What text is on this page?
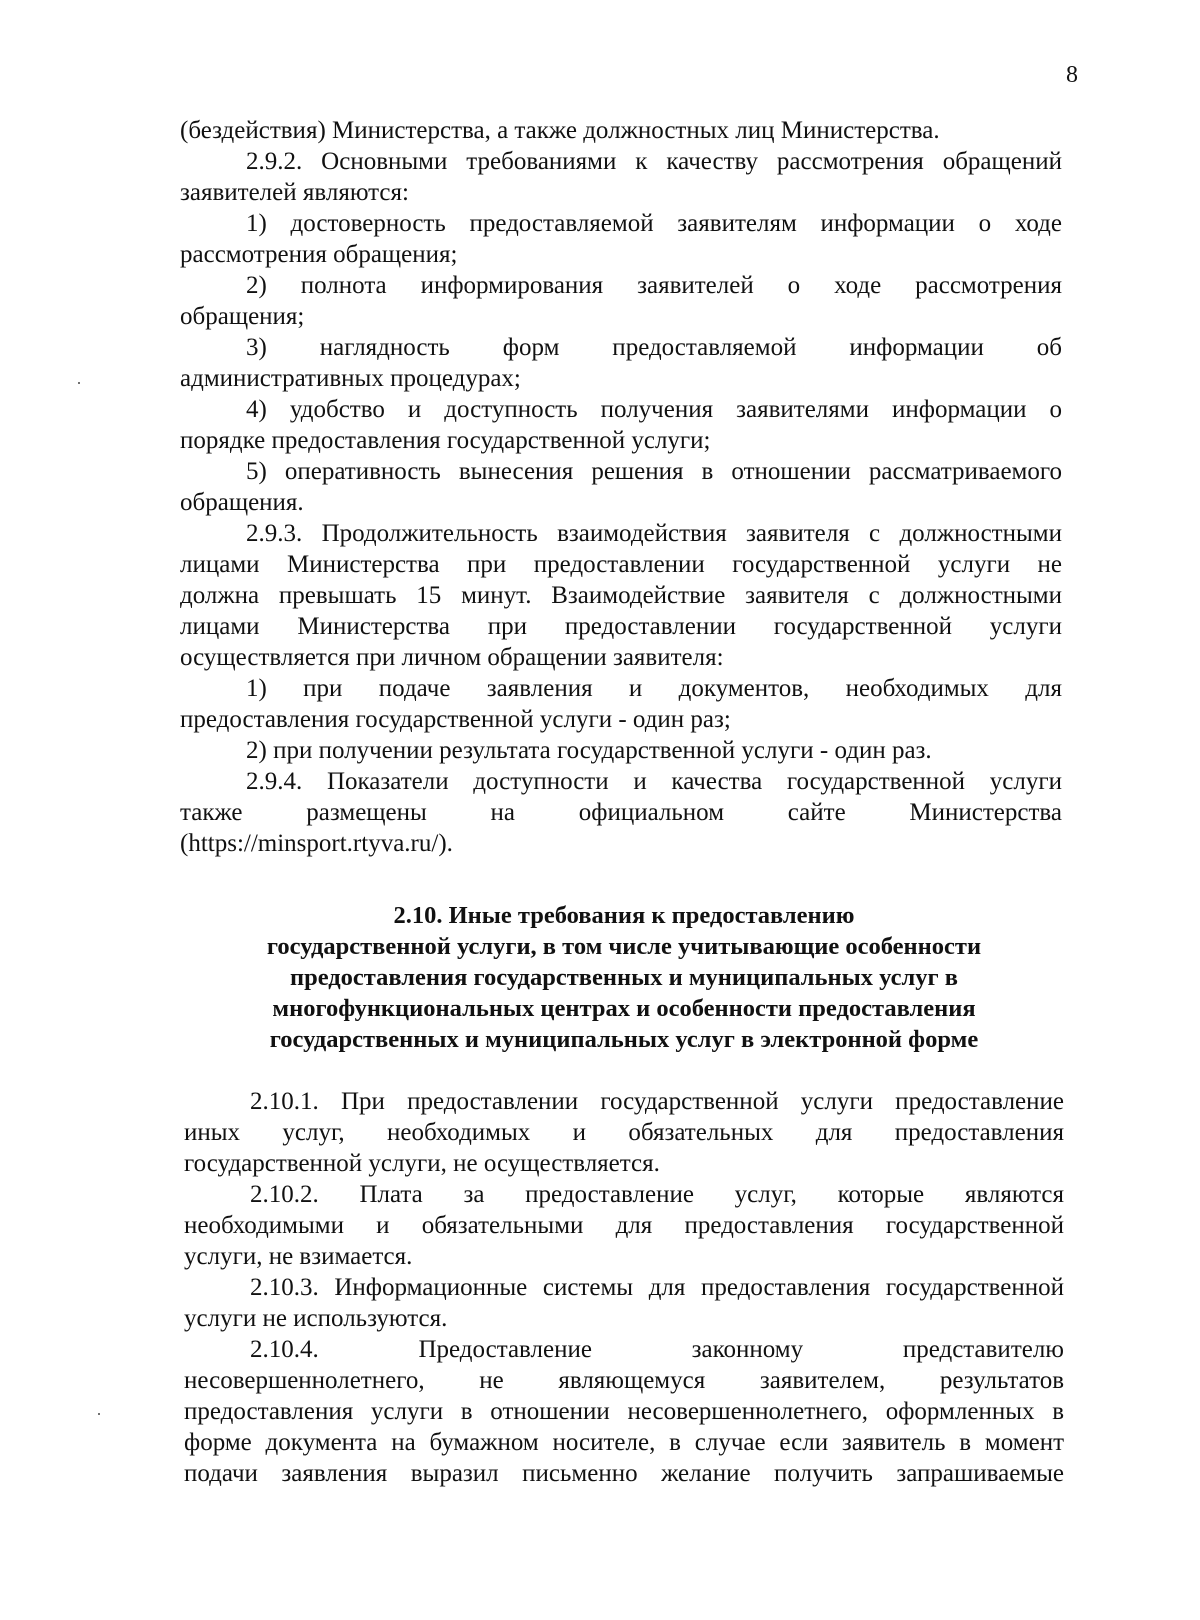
8
(бездействия) Министерства, а также должностных лиц Министерства.
2.9.2. Основными требованиями к качеству рассмотрения обращений
заявителей являются:
1) достоверность предоставляемой заявителям информации о ходе
рассмотрения обращения;
2) полнота информирования заявителей о ходе рассмотрения
обращения;
3) наглядность форм предоставляемой информации об
административных процедурах;
4) удобство и доступность получения заявителями информации о
порядке предоставления государственной услуги;
5) оперативность вынесения решения в отношении рассматриваемого
обращения.
2.9.3. Продолжительность взаимодействия заявителя с должностными
лицами Министерства при предоставлении государственной услуги не
должна превышать 15 минут. Взаимодействие заявителя с должностными
лицами Министерства при предоставлении государственной услуги
осуществляется при личном обращении заявителя:
1) при подаче заявления и документов, необходимых для
предоставления государственной услуги - один раз;
2) при получении результата государственной услуги - один раз.
2.9.4. Показатели доступности и качества государственной услуги
также размещены на официальном сайте Министерства
(https://minsport.rtyva.ru/).
2.10. Иные требования к предоставлению
государственной услуги, в том числе учитывающие особенности
предоставления государственных и муниципальных услуг в
многофункциональных центрах и особенности предоставления
государственных и муниципальных услуг в электронной форме
2.10.1. При предоставлении государственной услуги предоставление
иных услуг, необходимых и обязательных для предоставления
государственной услуги, не осуществляется.
2.10.2. Плата за предоставление услуг, которые являются
необходимыми и обязательными для предоставления государственной
услуги, не взимается.
2.10.3. Информационные системы для предоставления государственной
услуги не используются.
2.10.4. Предоставление законному представителю
несовершеннолетнего, не являющемуся заявителем, результатов
предоставления услуги в отношении несовершеннолетнего, оформленных в
форме документа на бумажном носителе, в случае если заявитель в момент
подачи заявления выразил письменно желание получить запрашиваемые
